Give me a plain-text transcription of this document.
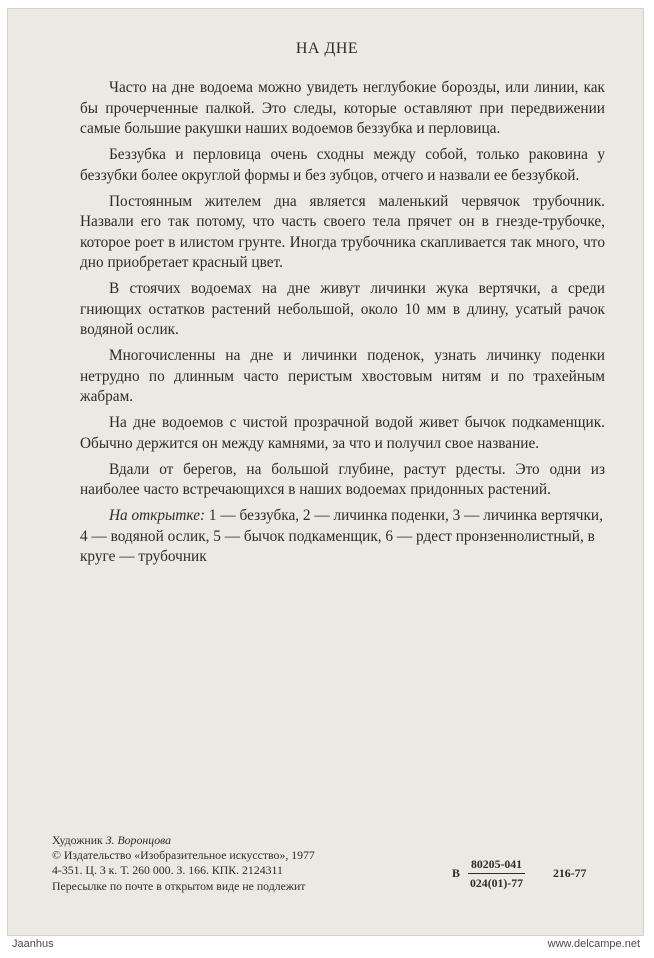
НА ДНЕ

Часто на дне водоема можно увидеть неглубокие борозды, или линии, как бы прочерченные палкой. Это следы, которые оставляют при передвижении самые большие ракушки наших водоемов беззубка и перловица.

Беззубка и перловица очень сходны между собой, только раковина у беззубки более округлой формы и без зубцов, отчего и назвали ее беззубкой.

Постоянным жителем дна является маленький червячок трубочник. Назвали его так потому, что часть своего тела прячет он в гнезде-трубочке, которое роет в илистом грунте. Иногда трубочника скапливается так много, что дно приобретает красный цвет.

В стоячих водоемах на дне живут личинки жука вертячки, а среди гниющих остатков растений небольшой, около 10 мм в длину, усатый рачок водяной ослик.

Многочисленны на дне и личинки поденок, узнать личинку поденки нетрудно по длинным часто перистым хвостовым нитям и по трахейным жабрам.

На дне водоемов с чистой прозрачной водой живет бычок подкаменщик. Обычно держится он между камнями, за что и получил свое название.

Вдали от берегов, на большой глубине, растут рдесты. Это одни из наиболее часто встречающихся в наших водоемах придонных растений.

На открытке: 1 — беззубка, 2 — личинка поденки, 3 — личинка вертячки, 4 — водяной ослик, 5 — бычок подкаменщик, 6 — рдест пронзеннолистный, в круге — трубочник

Художник З. Воронцова
© Издательство «Изобразительное искусство», 1977
4-351. Ц. 3 к. Т. 260 000. З. 166. КПК. 2124311
Пересылке по почте в открытом виде не подлежит
В $\frac{80205-041}{024(01)-77} 216-77$
Jaanhus	www.delcampe.net
